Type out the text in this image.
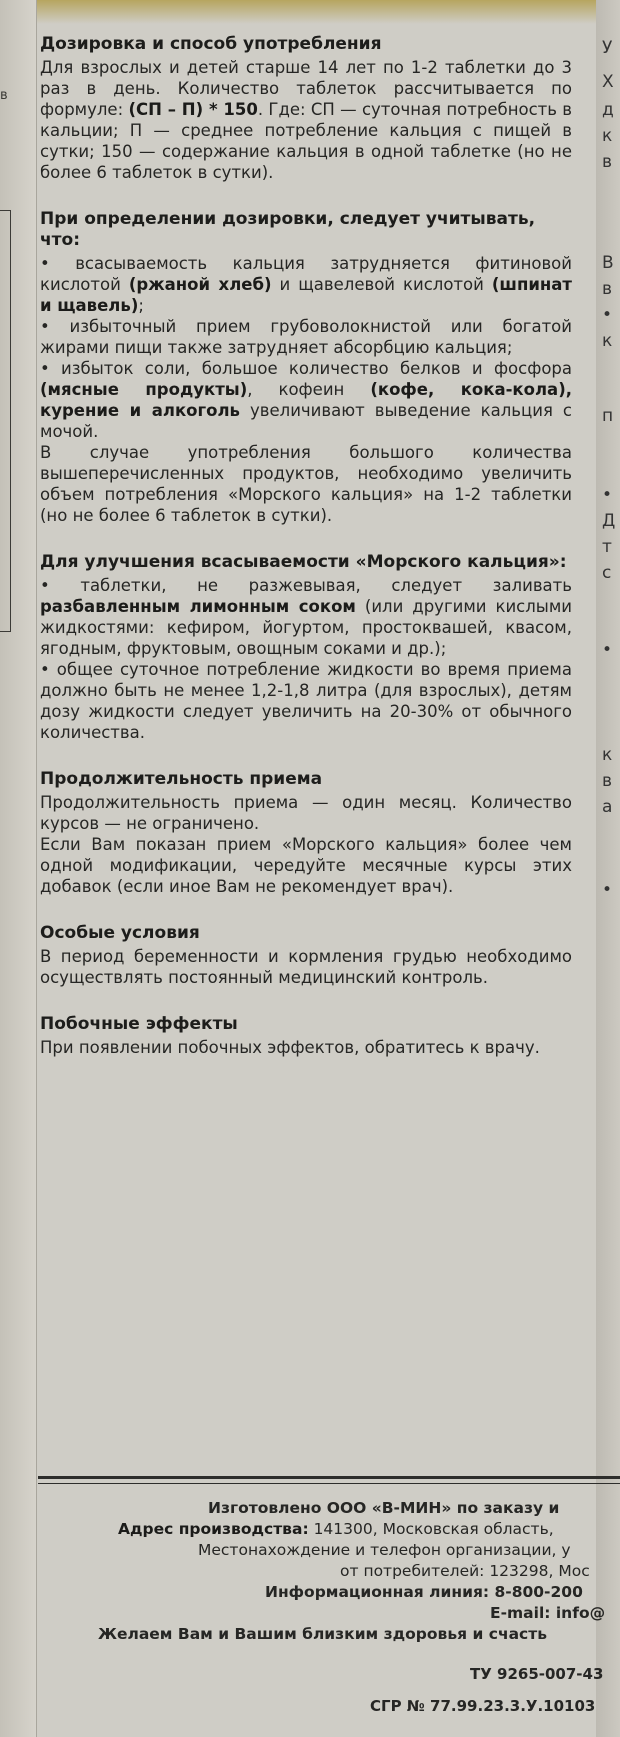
в
У
Х
д
к
в
В
в
•
к
п
•
Д
т
с
•
к
в
а
•
Дозировка и способ употребления

Для взрослых и детей старше 14 лет по 1-2 таблетки до 3 раз в день. Количество таблеток рассчитывается по формуле: (СП – П) * 150. Где: СП — суточная потребность в кальции; П — среднее потребление кальция с пищей в сутки; 150 — содержание кальция в одной таблетке (но не более 6 таблеток в сутки).

При определении дозировки, следует учитывать, что:

• всасываемость кальция затрудняется фитиновой кислотой (ржаной хлеб) и щавелевой кислотой (шпинат и щавель);

• избыточный прием грубоволокнистой или богатой жирами пищи также затрудняет абсорбцию кальция;

• избыток соли, большое количество белков и фосфора (мясные продукты), кофеин (кофе, кока-кола), курение и алкоголь увеличивают выведение кальция с мочой.

В случае употребления большого количества вышеперечисленных продуктов, необходимо увеличить объем потребления «Морского кальция» на 1-2 таблетки (но не более 6 таблеток в сутки).

Для улучшения всасываемости «Морского кальция»:

• таблетки, не разжевывая, следует заливать разбавленным лимонным соком (или другими кислыми жидкостями: кефиром, йогуртом, простоквашей, квасом, ягодным, фруктовым, овощным соками и др.);

• общее суточное потребление жидкости во время приема должно быть не менее 1,2-1,8 литра (для взрослых), детям дозу жидкости следует увеличить на 20-30% от обычного количества.

Продолжительность приема

Продолжительность приема — один месяц. Количество курсов — не ограничено.

Если Вам показан прием «Морского кальция» более чем одной модификации, чередуйте месячные курсы этих добавок (если иное Вам не рекомендует врач).

Особые условия

В период беременности и кормления грудью необходимо осуществлять постоянный медицинский контроль.

Побочные эффекты

При появлении побочных эффектов, обратитесь к врачу.

Изготовлено ООО «В-МИН» по заказу и
Адрес производства: 141300, Московская область,
Местонахождение и телефон организации, у
от потребителей: 123298, Мос
Информационная линия: 8-800-200
E-mail: info@
Желаем Вам и Вашим близким здоровья и счасть
ТУ 9265-007-43
СГР № 77.99.23.3.У.10103
